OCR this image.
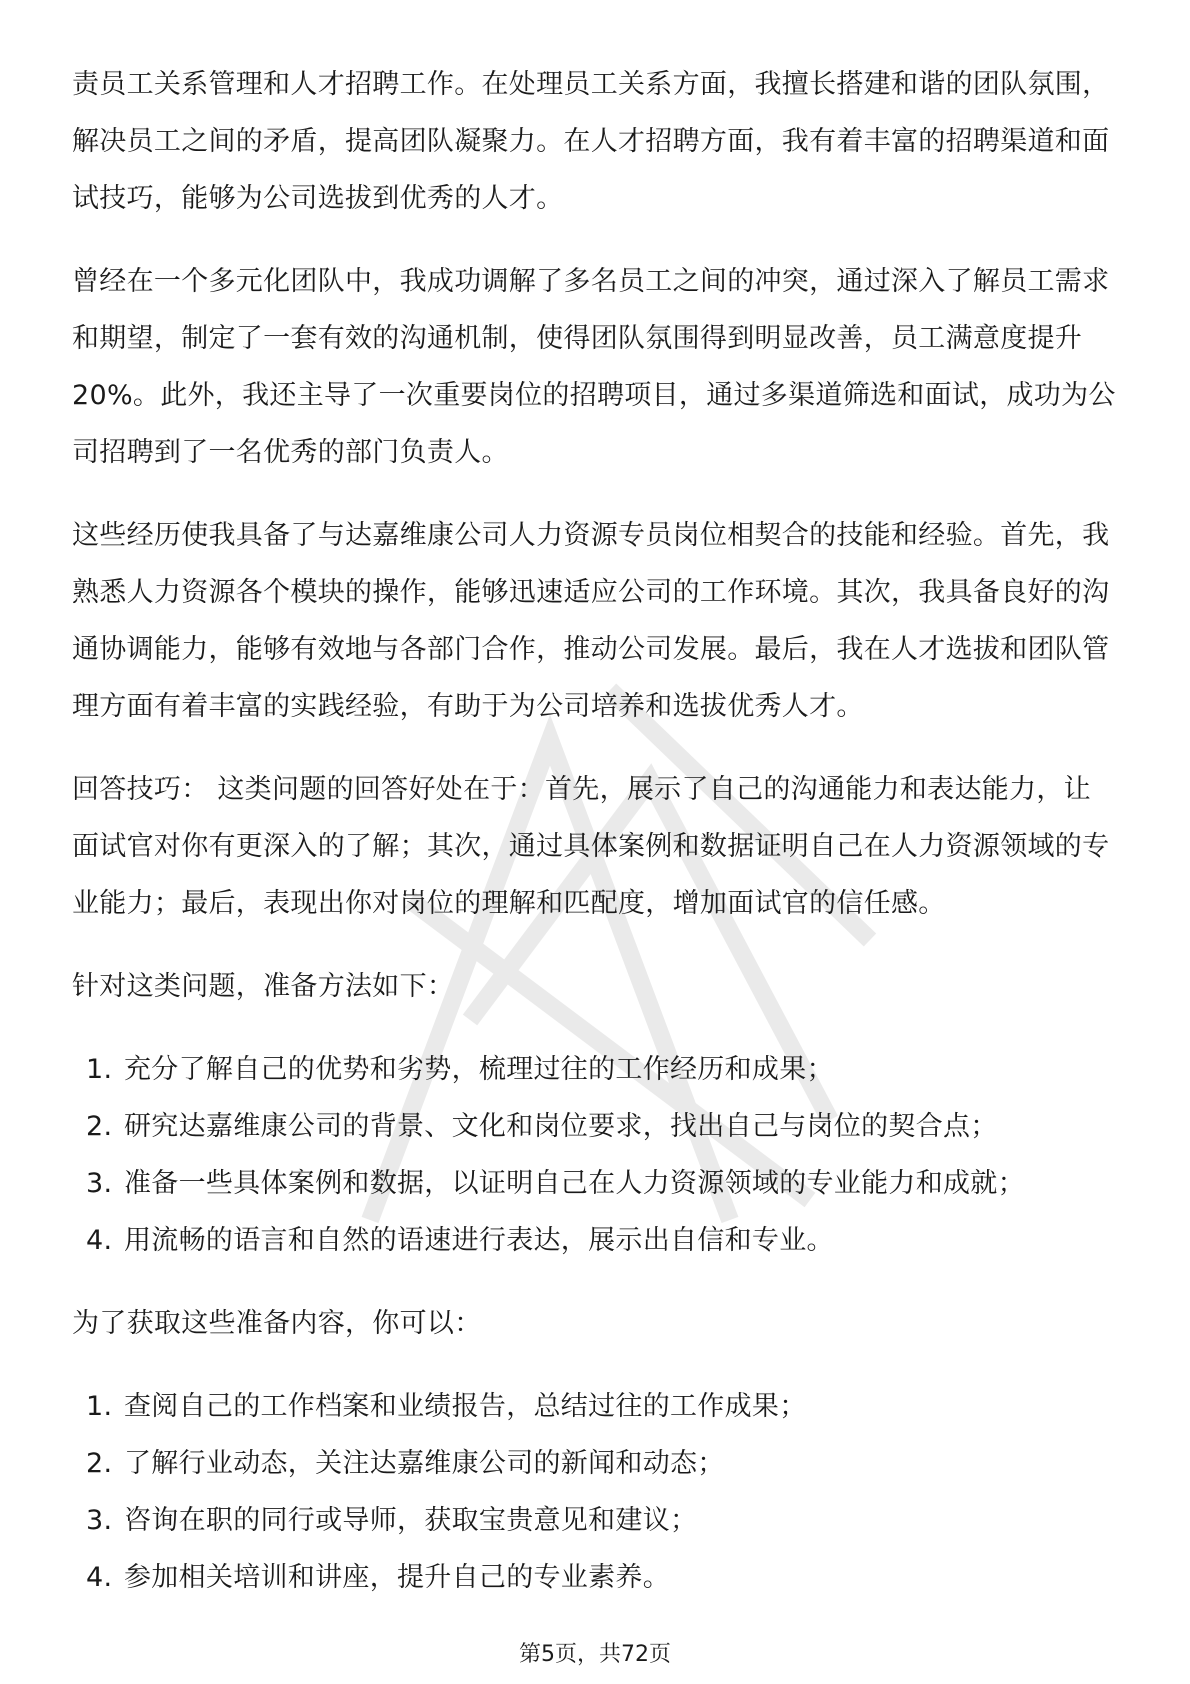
责员工关系管理和人才招聘工作。在处理员工关系方面，我擅长搭建和谐的团队氛围，解决员工之间的矛盾，提高团队凝聚力。在人才招聘方面，我有着丰富的招聘渠道和面试技巧，能够为公司选拔到优秀的人才。

曾经在一个多元化团队中，我成功调解了多名员工之间的冲突，通过深入了解员工需求和期望，制定了一套有效的沟通机制，使得团队氛围得到明显改善，员工满意度提升20%。此外，我还主导了一次重要岗位的招聘项目，通过多渠道筛选和面试，成功为公司招聘到了一名优秀的部门负责人。

这些经历使我具备了与达嘉维康公司人力资源专员岗位相契合的技能和经验。首先，我熟悉人力资源各个模块的操作，能够迅速适应公司的工作环境。其次，我具备良好的沟通协调能力，能够有效地与各部门合作，推动公司发展。最后，我在人才选拔和团队管理方面有着丰富的实践经验，有助于为公司培养和选拔优秀人才。

回答技巧： 这类问题的回答好处在于：首先，展示了自己的沟通能力和表达能力，让面试官对你有更深入的了解；其次，通过具体案例和数据证明自己在人力资源领域的专业能力；最后，表现出你对岗位的理解和匹配度，增加面试官的信任感。

针对这类问题，准备方法如下：

1. 充分了解自己的优势和劣势，梳理过往的工作经历和成果；
2. 研究达嘉维康公司的背景、文化和岗位要求，找出自己与岗位的契合点；
3. 准备一些具体案例和数据，以证明自己在人力资源领域的专业能力和成就；
4. 用流畅的语言和自然的语速进行表达，展示出自信和专业。

为了获取这些准备内容，你可以：

1. 查阅自己的工作档案和业绩报告，总结过往的工作成果；
2. 了解行业动态，关注达嘉维康公司的新闻和动态；
3. 咨询在职的同行或导师，获取宝贵意见和建议；
4. 参加相关培训和讲座，提升自己的专业素养。
第5页，共72页
